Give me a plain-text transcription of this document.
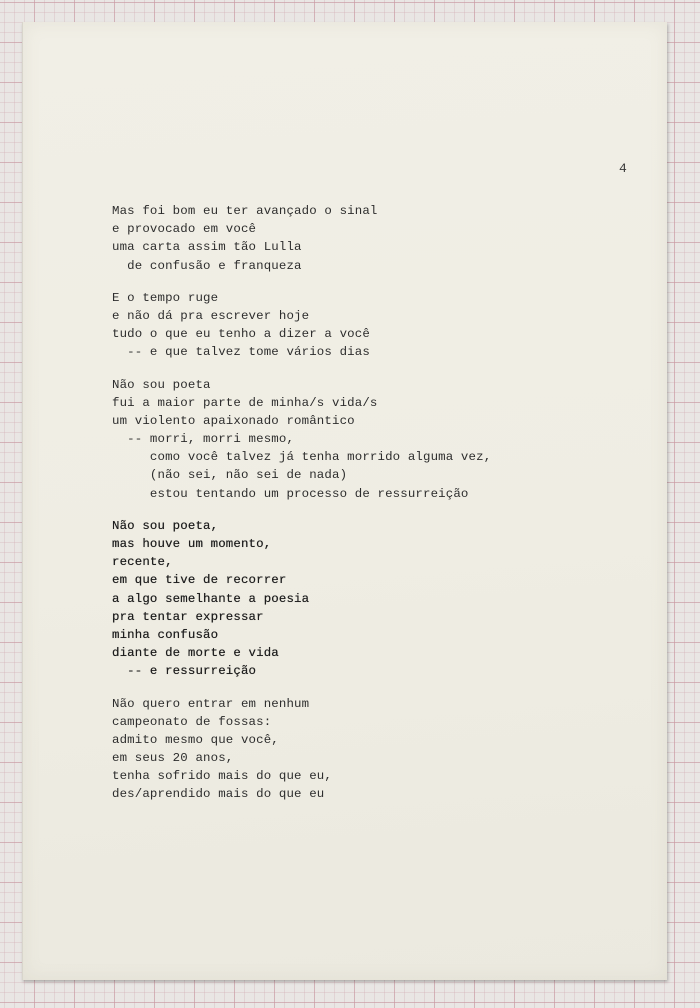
4
Mas foi bom eu ter avançado o sinal
e provocado em você
uma carta assim tão Lulla
de confusão e franqueza
E o tempo ruge
e não dá pra escrever hoje
tudo o que eu tenho a dizer a você
-- e que talvez tome vários dias
Não sou poeta
fui a maior parte de minha/s vida/s
um violento apaixonado romântico
-- morri, morri mesmo,
como você talvez já tenha morrido alguma vez,
(não sei, não sei de nada)
estou tentando um processo de ressurreição
Não sou poeta,
mas houve um momento,
recente,
em que tive de recorrer
a algo semelhante a poesia
pra tentar expressar
minha confusão
diante de morte e vida
-- e ressurreição
Não quero entrar em nenhum
campeonato de fossas:
admito mesmo que você,
em seus 20 anos,
tenha sofrido mais do que eu,
des/aprendido mais do que eu
